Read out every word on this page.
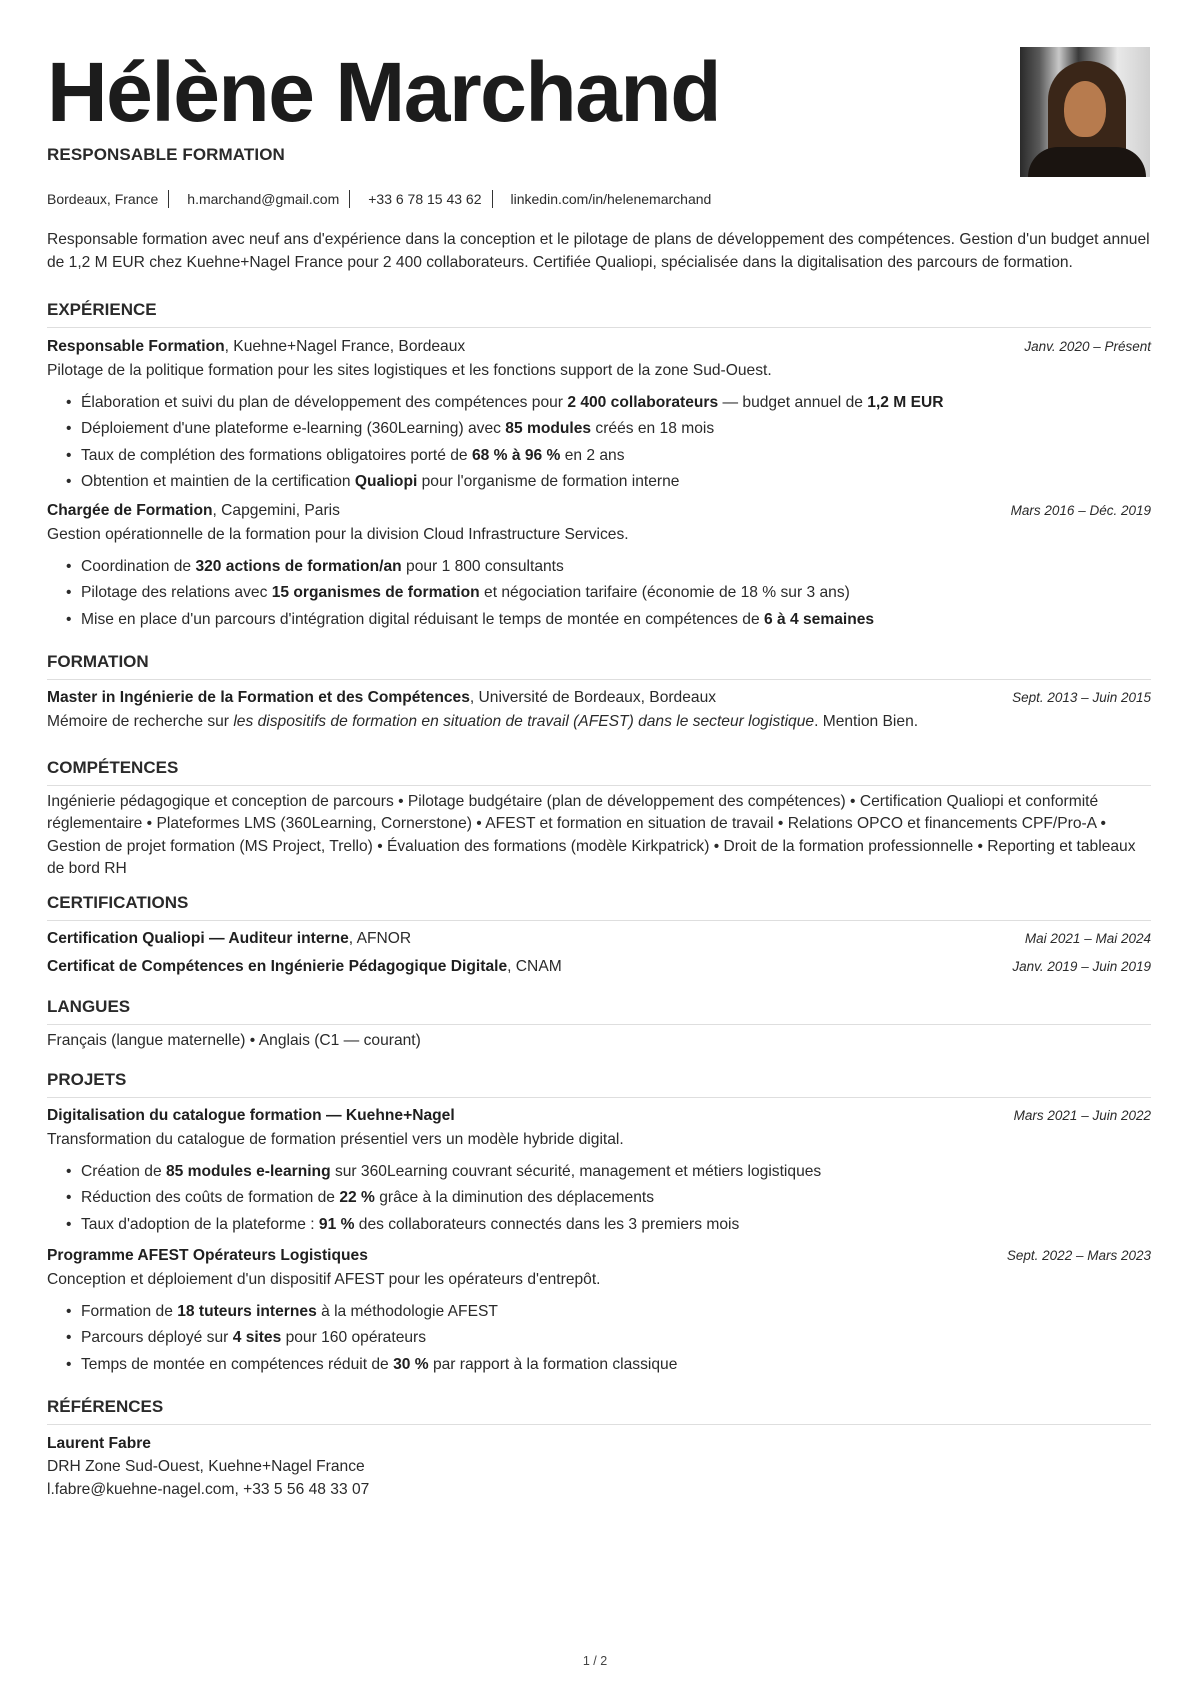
Hélène Marchand
RESPONSABLE FORMATION
Bordeaux, France h.marchand@gmail.com +33 6 78 15 43 62 linkedin.com/in/helenemarchand
Responsable formation avec neuf ans d'expérience dans la conception et le pilotage de plans de développement des compétences. Gestion d'un budget annuel de 1,2 M EUR chez Kuehne+Nagel France pour 2 400 collaborateurs. Certifiée Qualiopi, spécialisée dans la digitalisation des parcours de formation.
EXPÉRIENCE
Responsable Formation, Kuehne+Nagel France, Bordeaux	Janv. 2020 – Présent
Pilotage de la politique formation pour les sites logistiques et les fonctions support de la zone Sud-Ouest.
• Élaboration et suivi du plan de développement des compétences pour 2 400 collaborateurs — budget annuel de 1,2 M EUR
• Déploiement d'une plateforme e-learning (360Learning) avec 85 modules créés en 18 mois
• Taux de complétion des formations obligatoires porté de 68 % à 96 % en 2 ans
• Obtention et maintien de la certification Qualiopi pour l'organisme de formation interne
Chargée de Formation, Capgemini, Paris	Mars 2016 – Déc. 2019
Gestion opérationnelle de la formation pour la division Cloud Infrastructure Services.
• Coordination de 320 actions de formation/an pour 1 800 consultants
• Pilotage des relations avec 15 organismes de formation et négociation tarifaire (économie de 18 % sur 3 ans)
• Mise en place d'un parcours d'intégration digital réduisant le temps de montée en compétences de 6 à 4 semaines
FORMATION
Master in Ingénierie de la Formation et des Compétences, Université de Bordeaux, Bordeaux	Sept. 2013 – Juin 2015
Mémoire de recherche sur les dispositifs de formation en situation de travail (AFEST) dans le secteur logistique. Mention Bien.
COMPÉTENCES
Ingénierie pédagogique et conception de parcours • Pilotage budgétaire (plan de développement des compétences) • Certification Qualiopi et conformité réglementaire • Plateformes LMS (360Learning, Cornerstone) • AFEST et formation en situation de travail • Relations OPCO et financements CPF/Pro-A • Gestion de projet formation (MS Project, Trello) • Évaluation des formations (modèle Kirkpatrick) • Droit de la formation professionnelle • Reporting et tableaux de bord RH
CERTIFICATIONS
Certification Qualiopi — Auditeur interne, AFNOR	Mai 2021 – Mai 2024
Certificat de Compétences en Ingénierie Pédagogique Digitale, CNAM	Janv. 2019 – Juin 2019
LANGUES
Français (langue maternelle) • Anglais (C1 — courant)
PROJETS
Digitalisation du catalogue formation — Kuehne+Nagel	Mars 2021 – Juin 2022
Transformation du catalogue de formation présentiel vers un modèle hybride digital.
• Création de 85 modules e-learning sur 360Learning couvrant sécurité, management et métiers logistiques
• Réduction des coûts de formation de 22 % grâce à la diminution des déplacements
• Taux d'adoption de la plateforme : 91 % des collaborateurs connectés dans les 3 premiers mois
Programme AFEST Opérateurs Logistiques	Sept. 2022 – Mars 2023
Conception et déploiement d'un dispositif AFEST pour les opérateurs d'entrepôt.
• Formation de 18 tuteurs internes à la méthodologie AFEST
• Parcours déployé sur 4 sites pour 160 opérateurs
• Temps de montée en compétences réduit de 30 % par rapport à la formation classique
RÉFÉRENCES
Laurent Fabre
DRH Zone Sud-Ouest, Kuehne+Nagel France
l.fabre@kuehne-nagel.com, +33 5 56 48 33 07
1 / 2
